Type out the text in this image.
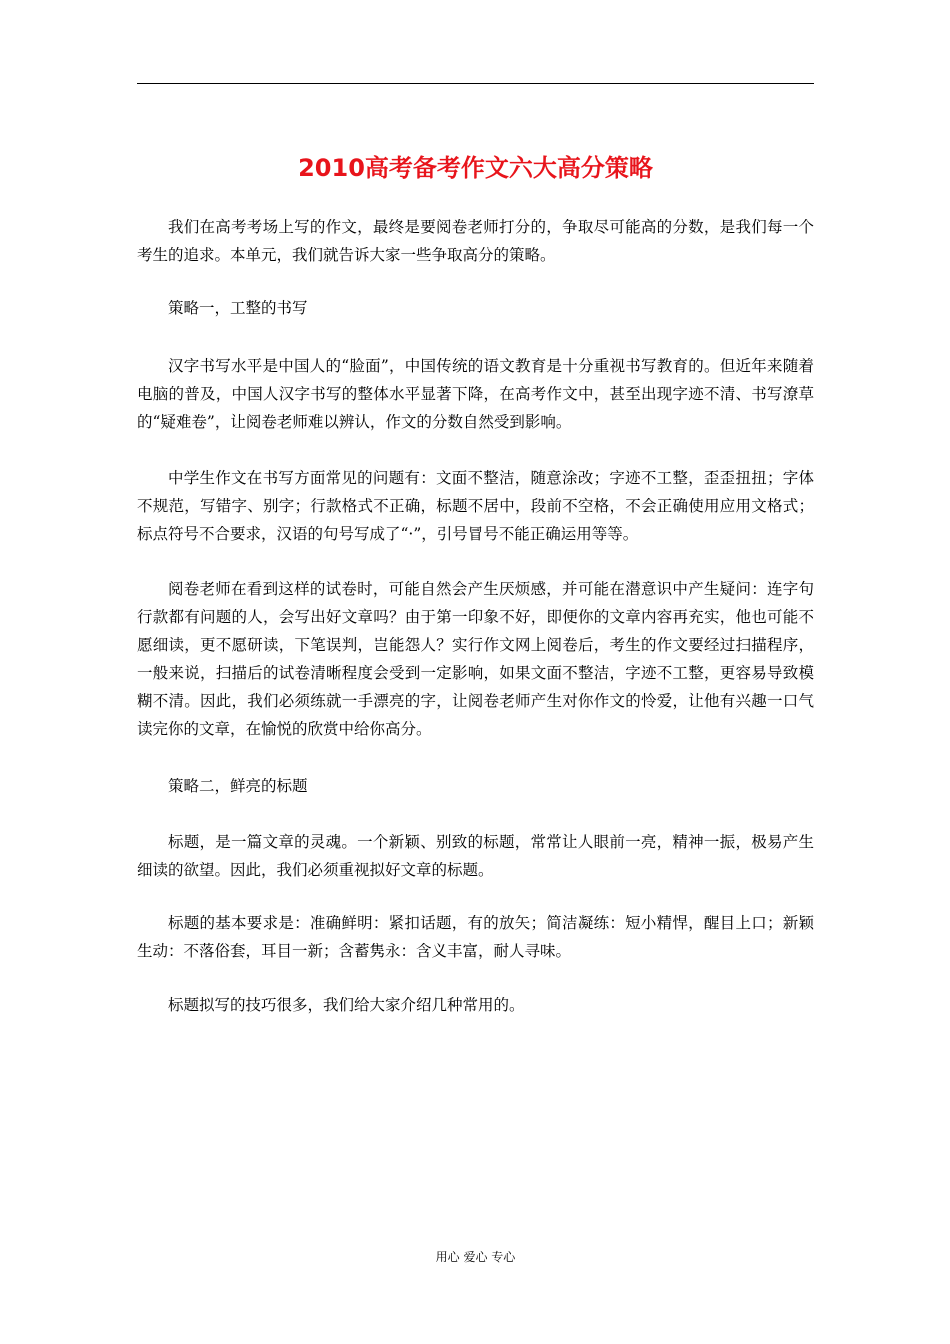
2010高考备考作文六大高分策略

我们在高考考场上写的作文，最终是要阅卷老师打分的，争取尽可能高的分数，是我们每一个考生的追求。本单元，我们就告诉大家一些争取高分的策略。

策略一，工整的书写

汉字书写水平是中国人的“脸面”，中国传统的语文教育是十分重视书写教育的。但近年来随着电脑的普及，中国人汉字书写的整体水平显著下降，在高考作文中，甚至出现字迹不清、书写潦草的“疑难卷”，让阅卷老师难以辨认，作文的分数自然受到影响。

中学生作文在书写方面常见的问题有：文面不整洁，随意涂改；字迹不工整，歪歪扭扭；字体不规范，写错字、别字；行款格式不正确，标题不居中，段前不空格，不会正确使用应用文格式；标点符号不合要求，汉语的句号写成了“·”，引号冒号不能正确运用等等。

阅卷老师在看到这样的试卷时，可能自然会产生厌烦感，并可能在潜意识中产生疑问：连字句行款都有问题的人，会写出好文章吗？由于第一印象不好，即便你的文章内容再充实，他也可能不愿细读，更不愿研读，下笔误判，岂能怨人？实行作文网上阅卷后，考生的作文要经过扫描程序，一般来说，扫描后的试卷清晰程度会受到一定影响，如果文面不整洁，字迹不工整，更容易导致模糊不清。因此，我们必须练就一手漂亮的字，让阅卷老师产生对你作文的怜爱，让他有兴趣一口气读完你的文章，在愉悦的欣赏中给你高分。

策略二，鲜亮的标题

标题，是一篇文章的灵魂。一个新颖、别致的标题，常常让人眼前一亮，精神一振，极易产生细读的欲望。因此，我们必须重视拟好文章的标题。

标题的基本要求是：准确鲜明：紧扣话题，有的放矢；简洁凝练：短小精悍，醒目上口；新颖生动：不落俗套，耳目一新；含蓄隽永：含义丰富，耐人寻味。

标题拟写的技巧很多，我们给大家介绍几种常用的。

用心 爱心 专心
